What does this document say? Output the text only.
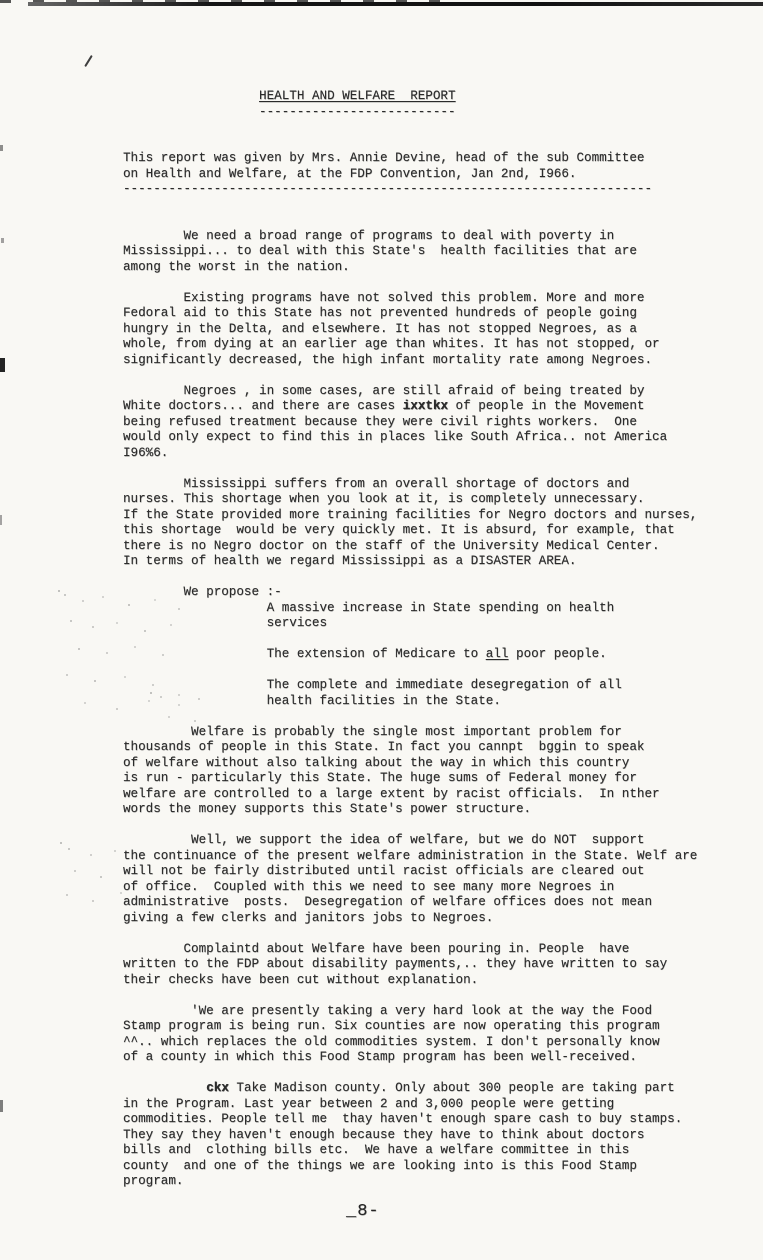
HEALTH AND WELFARE  REPORT
--------------------------

This report was given by Mrs. Annie Devine, head of the sub Committee
on Health and Welfare, at the FDP Convention, Jan 2nd, I966.
----------------------------------------------------------------------

We need a broad range of programs to deal with poverty in
Mississippi... to deal with this State's  health facilities that are
among the worst in the nation.

Existing programs have not solved this problem. More and more
Fedoral aid to this State has not prevented hundreds of people going
hungry in the Delta, and elsewhere. It has not stopped Negroes, as a
whole, from dying at an earlier age than whites. It has not stopped, or
significantly decreased, the high infant mortality rate among Negroes.

Negroes , in some cases, are still afraid of being treated by
White doctors... and there are cases ixxtkx of people in the Movement
being refused treatment because they were civil rights workers.  One
would only expect to find this in places like South Africa.. not America
I96%6.

Mississippi suffers from an overall shortage of doctors and
nurses. This shortage when you look at it, is completely unnecessary.
If the State provided more training facilities for Negro doctors and nurses,
this shortage  would be very quickly met. It is absurd, for example, that
there is no Negro doctor on the staff of the University Medical Center.
In terms of health we regard Mississippi as a DISASTER AREA.

We propose :-
A massive increase in State spending on health
services

The extension of Medicare to all poor people.

The complete and immediate desegregation of all
health facilities in the State.

Welfare is probably the single most important problem for
thousands of people in this State. In fact you cannpt  bggin to speak
of welfare without also talking about the way in which this country
is run - particularly this State. The huge sums of Federal money for
welfare are controlled to a large extent by racist officials.  In nther
words the money supports this State's power structure.

Well, we support the idea of welfare, but we do NOT  support
the continuance of the present welfare administration in the State. Welf are
will not be fairly distributed until racist officials are cleared out
of office.  Coupled with this we need to see many more Negroes in
administrative  posts.  Desegregation of welfare offices does not mean
giving a few clerks and janitors jobs to Negroes.

Complaintd about Welfare have been pouring in. People  have
written to the FDP about disability payments,.. they have written to say
their checks have been cut without explanation.

'We are presently taking a very hard look at the way the Food
Stamp program is being run. Six counties are now operating this program
^^.. which replaces the old commodities system. I don't personally know
of a county in which this Food Stamp program has been well-received.

ckx Take Madison county. Only about 300 people are taking part
in the Program. Last year between 2 and 3,000 people were getting
commodities. People tell me  thay haven't enough spare cash to buy stamps.
They say they haven't enough because they have to think about doctors
bills and  clothing bills etc.  We have a welfare committee in this
county  and one of the things we are looking into is this Food Stamp
program.
_8-
